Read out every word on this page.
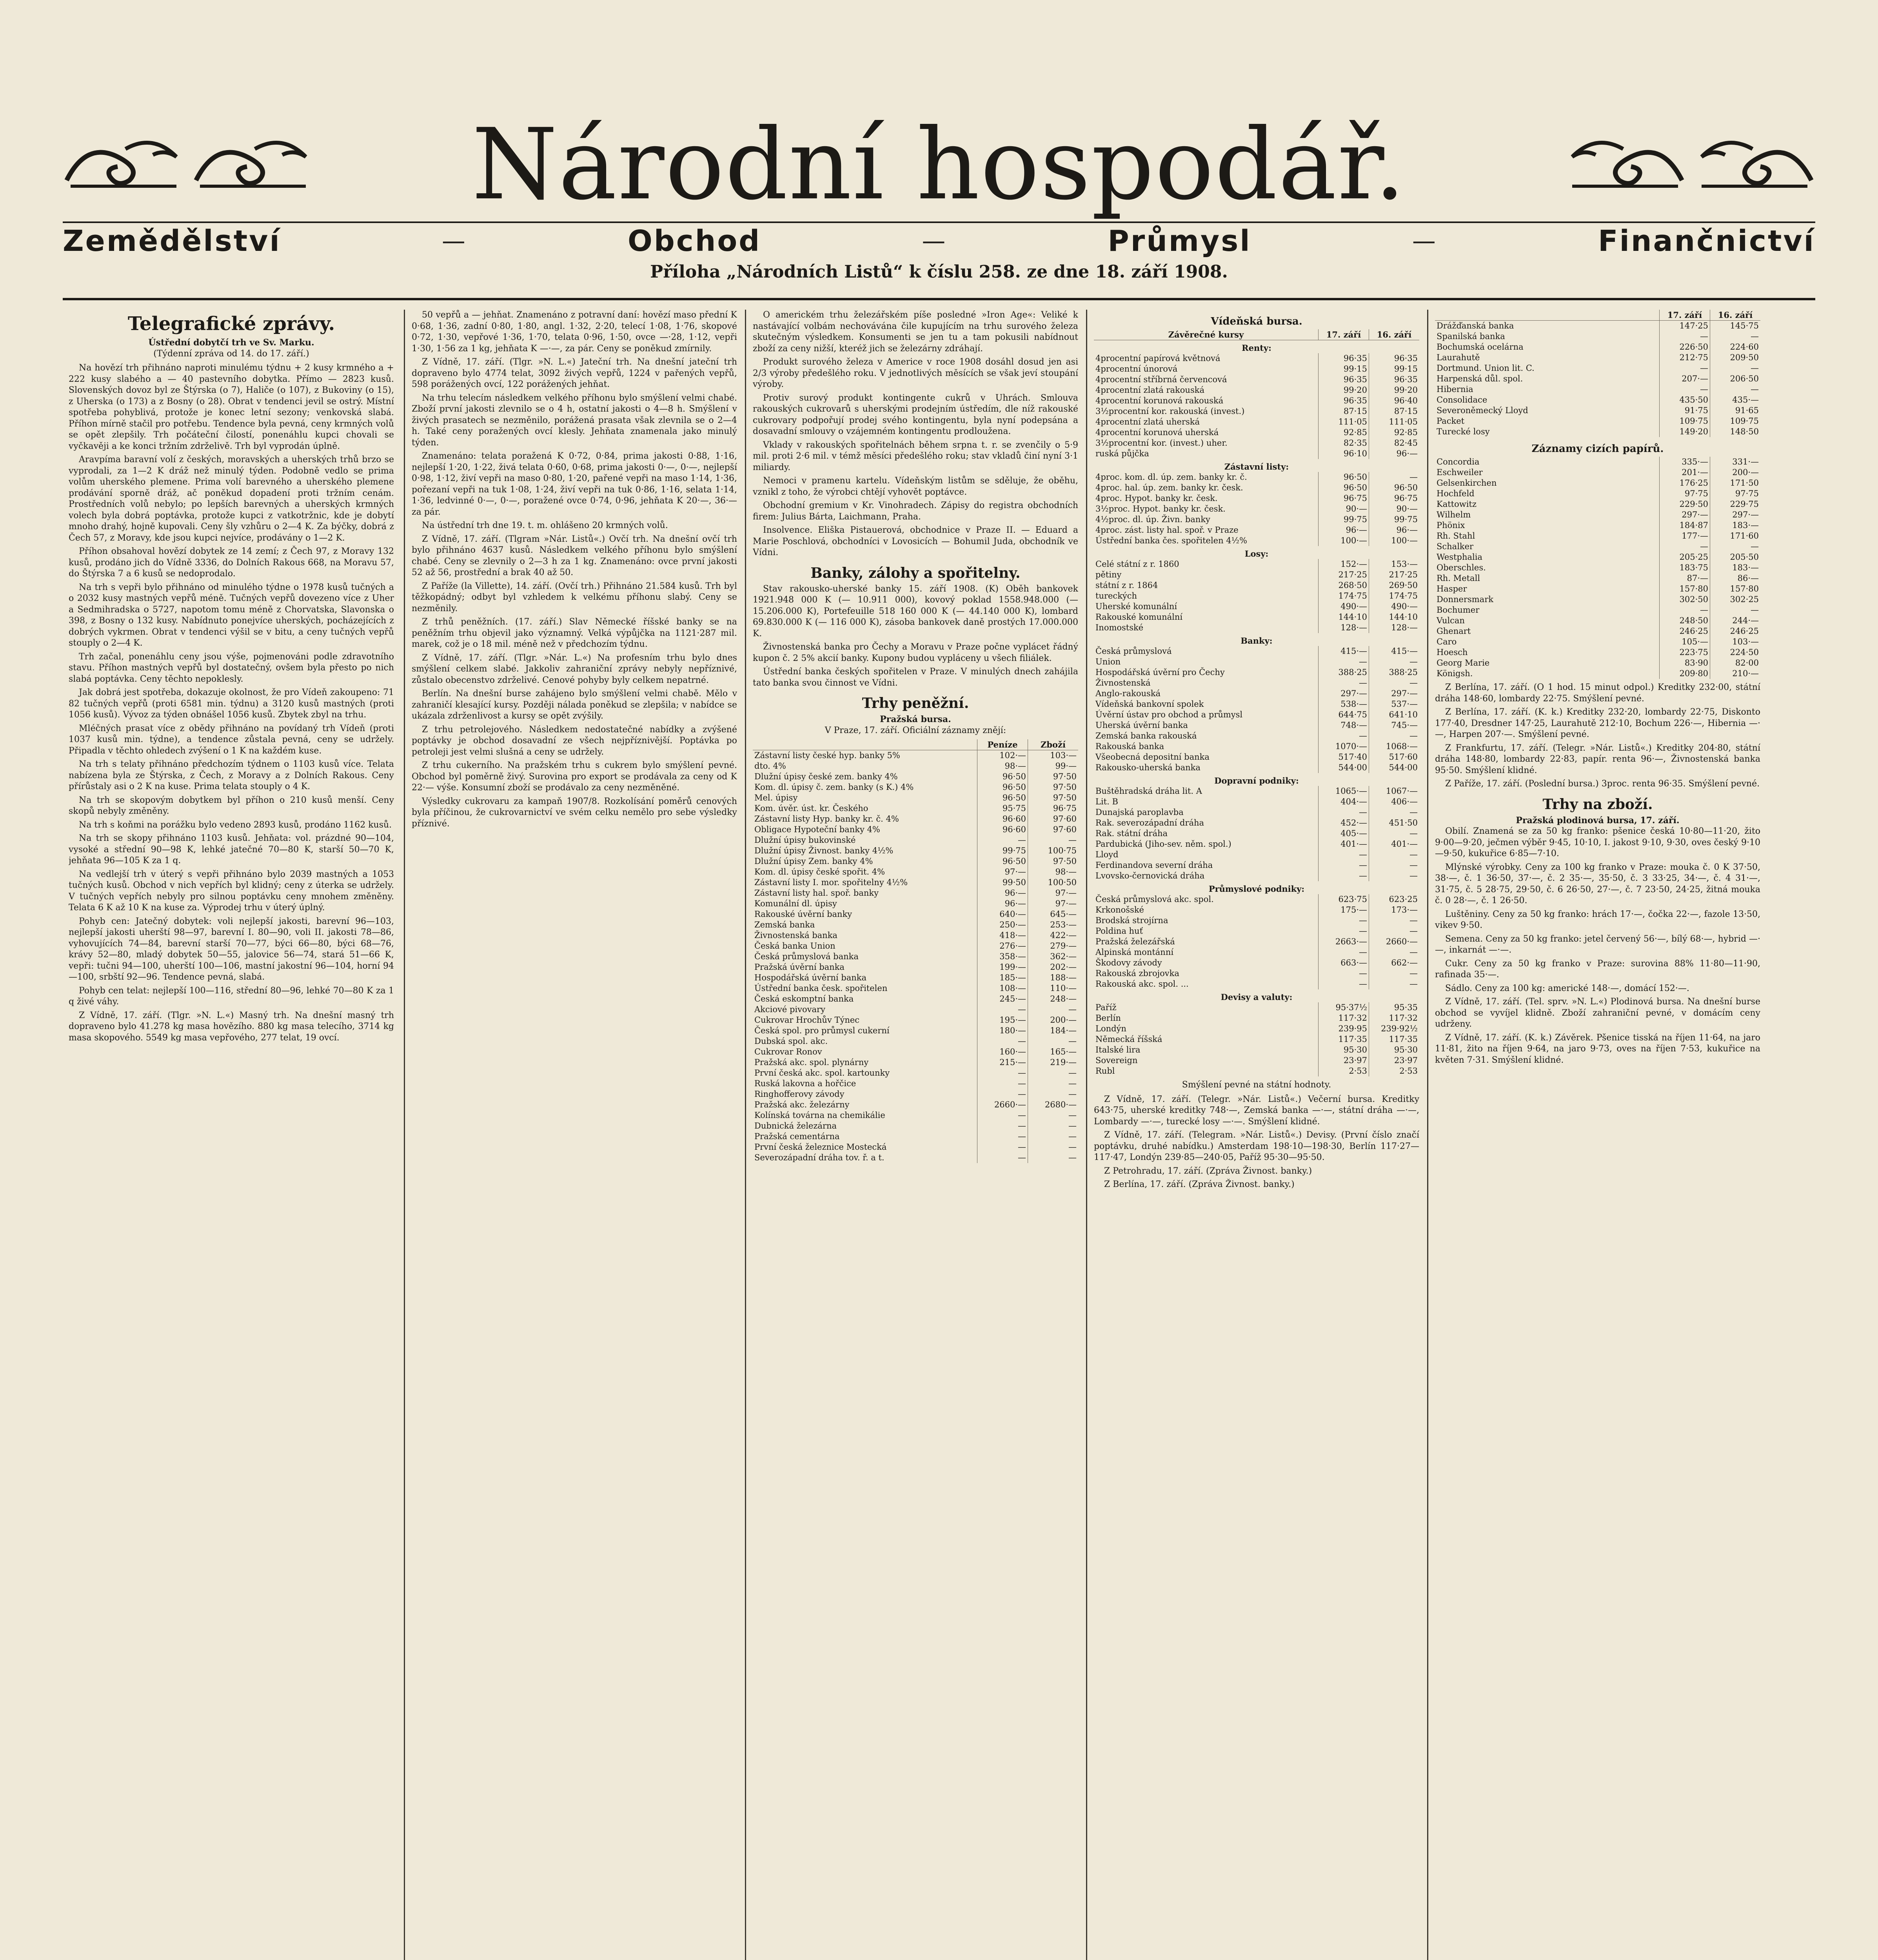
Národní hospodář.
Zemědělství	—	Obchod	—	Průmysl	—	Finančnictví
Příloha „Národních Listů“ k číslu 258. ze dne 18. září 1908.
Telegrafické zprávy.

Ústřední dobytčí trh ve Sv. Marku.

(Týdenní zpráva od 14. do 17. září.)

Na hovězí trh přihnáno naproti minulému týdnu + 2 kusy krmného a + 222 kusy slabého a — 40 pastevního dobytka. Přímo — 2823 kusů. Slovenských dovoz byl ze Štýrska (o 7), Haliče (o 107), z Bukoviny (o 15), z Uherska (o 173) a z Bosny (o 28). Obrat v tendenci jevil se ostrý. Místní spotřeba pohyblivá, protože je konec letní sezony; venkovská slabá. Příhon mírně stačil pro potřebu. Tendence byla pevná, ceny krmných volů se opět zlepšily. Trh počáteční čilostí, ponenáhlu kupci chovali se vyčkavěji a ke konci tržním zdrželivě. Trh byl vyprodán úplně.

Aravpíma baravní volí z českých, moravských a uherských trhů brzo se vyprodali, za 1—2 K dráž než minulý týden. Podobně vedlo se prima volům uherského plemene. Prima volí barevného a uherského plemene prodávání sporně dráž, ač poněkud dopadení proti tržním cenám. Prostředních volů nebylo; po lepších barevných a uherských krmných volech byla dobrá poptávka, protože kupci z vatkotržnic, kde je dobytí mnoho drahý, hojně kupovali. Ceny šly vzhůru o 2—4 K. Za býčky, dobrá z Čech 57, z Moravy, kde jsou kupci nejvíce, prodávány o 1—2 K.

Příhon obsahoval hovězí dobytek ze 14 zemí; z Čech 97, z Moravy 132 kusů, prodáno jich do Vídně 3336, do Dolních Rakous 668, na Moravu 57, do Štýrska 7 a 6 kusů se nedoprodalo.

Na trh s vepři bylo přihnáno od minulého týdne o 1978 kusů tučných a o 2032 kusy mastných vepřů méně. Tučných vepřů dovezeno více z Uher a Sedmihradska o 5727, napotom tomu méně z Chorvatska, Slavonska o 398, z Bosny o 132 kusy. Nabídnuto ponejvíce uherských, pocházejících z dobrých vykrmen. Obrat v tendenci výšil se v bitu, a ceny tučných vepřů stouply o 2—4 K.

Trh začal, ponenáhlu ceny jsou výše, pojmenováni podle zdravotního stavu. Příhon mastných vepřů byl dostatečný, ovšem byla přesto po nich slabá poptávka. Ceny těchto nepoklesly.

Jak dobrá jest spotřeba, dokazuje okolnost, že pro Vídeň zakoupeno: 71 82 tučných vepřů (proti 6581 min. týdnu) a 3120 kusů mastných (proti 1056 kusů). Vývoz za týden obnášel 1056 kusů. Zbytek zbyl na trhu.

Mléčných prasat více z obědy přihnáno na povídaný trh Vídeň (proti 1037 kusů min. týdne), a tendence zůstala pevná, ceny se udržely. Připadla v těchto ohledech zvýšení o 1 K na každém kuse.

Na trh s telaty přihnáno předchozím týdnem o 1103 kusů více. Telata nabízena byla ze Štýrska, z Čech, z Moravy a z Dolních Rakous. Ceny přírůstaly asi o 2 K na kuse. Prima telata stouply o 4 K.

Na trh se skopovým dobytkem byl příhon o 210 kusů menší. Ceny skopů nebyly změněny.

Na trh s koňmi na porážku bylo vedeno 2893 kusů, prodáno 1162 kusů.

Na trh se skopy přihnáno 1103 kusů. Jehňata: vol. prázdné 90—104, vysoké a střední 90—98 K, lehké jatečné 70—80 K, starší 50—70 K, jehňata 96—105 K za 1 q.

Na vedlejší trh v úterý s vepři přihnáno bylo 2039 mastných a 1053 tučných kusů. Obchod v nich vepřích byl klidný; ceny z úterka se udržely. V tučných vepřích nebyly pro silnou poptávku ceny mnohem změněny. Telata 6 K až 10 K na kuse za. Výprodej trhu v úterý úplný.

Pohyb cen: Jatečný dobytek: voli nejlepší jakosti, barevní 96—103, nejlepší jakosti uherští 98—97, barevní I. 80—90, voli II. jakosti 78—86, vyhovujících 74—84, barevní starší 70—77, býci 66—80, býci 68—76, krávy 52—80, mladý dobytek 50—55, jalovice 56—74, stará 51—66 K, vepři: tučni 94—100, uherští 100—106, mastní jakostní 96—104, horní 94—100, srbští 92—96. Tendence pevná, slabá.

Pohyb cen telat: nejlepší 100—116, střední 80—96, lehké 70—80 K za 1 q živé váhy.

Z Vídně, 17. září. (Tlgr. »N. L.«) Masný trh. Na dnešní masný trh dopraveno bylo 41.278 kg masa hovězího. 880 kg masa telecího, 3714 kg masa skopového. 5549 kg masa vepřového, 277 telat, 19 ovcí.

50 vepřů a — jehňat. Znamenáno z potravní daní: hovězí maso přední K 0·68, 1·36, zadní 0·80, 1·80, angl. 1·32, 2·20, telecí 1·08, 1·76, skopové 0·72, 1·30, vepřové 1·36, 1·70, telata 0·96, 1·50, ovce —·28, 1·12, vepři 1·30, 1·56 za 1 kg, jehňata K —·—, za pár. Ceny se poněkud zmírnily.

Z Vídně, 17. září. (Tlgr. »N. L.«) Jateční trh. Na dnešní jateční trh dopraveno bylo 4774 telat, 3092 živých vepřů, 1224 v pařených vepřů, 598 porážených ovcí, 122 porážených jehňat.

Na trhu telecím následkem velkého příhonu bylo smýšlení velmi chabé. Zboží první jakosti zlevnilo se o 4 h, ostatní jakosti o 4—8 h. Smýšlení v živých prasatech se nezměnilo, porážená prasata však zlevnila se o 2—4 h. Také ceny poražených ovcí klesly. Jehňata znamenala jako minulý týden.

Znamenáno: telata poražená K 0·72, 0·84, prima jakosti 0·88, 1·16, nejlepší 1·20, 1·22, živá telata 0·60, 0·68, prima jakosti 0·—, 0·—, nejlepší 0·98, 1·12, živí vepři na maso 0·80, 1·20, pařené vepři na maso 1·14, 1·36, pořezaní vepři na tuk 1·08, 1·24, živí vepři na tuk 0·86, 1·16, selata 1·14, 1·36, ledvinné 0·—, 0·—, poražené ovce 0·74, 0·96, jehňata K 20·—, 36·— za pár.

Na ústřední trh dne 19. t. m. ohlášeno 20 krmných volů.

Z Vídně, 17. září. (Tlgram »Nár. Listů«.) Ovčí trh. Na dnešní ovčí trh bylo přihnáno 4637 kusů. Následkem velkého příhonu bylo smýšlení chabé. Ceny se zlevnily o 2—3 h za 1 kg. Znamenáno: ovce první jakosti 52 až 56, prostřední a brak 40 až 50.

Z Paříže (la Villette), 14. září. (Ovčí trh.) Přihnáno 21.584 kusů. Trh byl těžkopádný; odbyt byl vzhledem k velkému příhonu slabý. Ceny se nezměnily.

Z trhů peněžních. (17. září.) Slav Německé říšské banky se na peněžním trhu objevil jako významný. Velká výpůjčka na 1121·287 mil. marek, což je o 18 mil. méně než v předchozím týdnu.

Z Vídně, 17. září. (Tlgr. »Nár. L.«) Na profesním trhu bylo dnes smýšlení celkem slabé. Jakkoliv zahraniční zprávy nebyly nepříznivé, zůstalo obecenstvo zdrželivé. Cenové pohyby byly celkem nepatrné.

Berlín. Na dnešní burse zahájeno bylo smýšlení velmi chabě. Mělo v zahraničí klesající kursy. Později nálada poněkud se zlepšila; v nabídce se ukázala zdrženlivost a kursy se opět zvýšily.

Z trhu petrolejového. Následkem nedostatečné nabídky a zvýšené poptávky je obchod dosavadní ze všech nejpříznivější. Poptávka po petroleji jest velmi slušná a ceny se udržely.

Z trhu cukerního. Na pražském trhu s cukrem bylo smýšlení pevné. Obchod byl poměrně živý. Surovina pro export se prodávala za ceny od K 22·— výše. Konsumní zboží se prodávalo za ceny nezměněné.

Výsledky cukrovaru za kampaň 1907/8. Rozkolísání poměrů cenových byla příčinou, že cukrovarnictví ve svém celku nemělo pro sebe výsledky příznivé.

O americkém trhu železářském píše posledné »Iron Age«: Veliké k nastávající volbám nechovávána čile kupujícím na trhu surového železa skutečným výsledkem. Konsumenti se jen tu a tam pokusili nabídnout zboží za ceny nižší, kteréž jich se železárny zdráhají.

Produkt surového železa v Americe v roce 1908 dosáhl dosud jen asi 2/3 výroby předešlého roku. V jednotlivých měsících se však jeví stoupání výroby.

Protiv surový produkt kontingente cukrů v Uhrách. Smlouva rakouských cukrovarů s uherskými prodejním ústředím, dle níž rakouské cukrovary podpořují prodej svého kontingentu, byla nyní podepsána a dosavadní smlouvy o vzájemném kontingentu prodloužena.

Vklady v rakouských spořitelnách během srpna t. r. se zvenčily o 5·9 mil. proti 2·6 mil. v témž měsíci předešlého roku; stav vkladů činí nyní 3·1 miliardy.

Nemoci v pramenu kartelu. Vídeňským listům se sděluje, že oběhu, vznikl z toho, že výrobci chtějí vyhovět poptávce.

Obchodní gremium v Kr. Vinohradech. Zápisy do registra obchodních firem: Julius Bárta, Laichmann, Praha.

Insolvence. Eliška Pistauerová, obchodnice v Praze II. — Eduard a Marie Poschlová, obchodníci v Lovosicích — Bohumil Juda, obchodník ve Vídni.

Banky, zálohy a spořitelny.

Stav rakousko-uherské banky 15. září 1908. (K) Oběh bankovek 1921.948 000 K (— 10.911 000), kovový poklad 1558.948.000 (— 15.206.000 K), Portefeuille 518 160 000 K (— 44.140 000 K), lombard 69.830.000 K (— 116 000 K), zásoba bankovek daně prostých 17.000.000 K.

Živnostenská banka pro Čechy a Moravu v Praze počne vyplácet řádný kupon č. 2 5% akcií banky. Kupony budou vypláceny u všech filiálek.

Ústřední banka českých spořitelen v Praze. V minulých dnech zahájila tato banka svou činnost ve Vídni.

Trhy peněžní.

Pražská bursa.

V Praze, 17. září. Oficiální záznamy znějí:

	Peníze	Zboží
Zástavní listy české hyp. banky 5%	102·—	103·—
dto. 4%	98·—	99·—
Dlužní úpisy české zem. banky 4%	96·50	97·50
Kom. dl. úpisy č. zem. banky (s K.) 4%	96·50	97·50
Mel. úpisy	96·50	97·50
Kom. úvěr. úst. kr. Českého	95·75	96·75
Zástavní listy Hyp. banky kr. č. 4%	96·60	97·60
Obligace Hypoteční banky 4%	96·60	97·60
Dlužní úpisy bukovinské	—	—
Dlužní úpisy Živnost. banky 4½%	99·75	100·75
Dlužní úpisy Zem. banky 4%	96·50	97·50
Kom. dl. úpisy české spořit. 4%	97·—	98·—
Zástavní listy I. mor. spořitelny 4½%	99·50	100·50
Zástavní listy hal. spoř. banky	96·—	97·—
Komunální dl. úpisy	96·—	97·—
Rakouské úvěrní banky	640·—	645·—
Zemská banka	250·—	253·—
Živnostenská banka	418·—	422·—
Česká banka Union	276·—	279·—
Česká průmyslová banka	358·—	362·—
Pražská úvěrní banka	199·—	202·—
Hospodářská úvěrní banka	185·—	188·—
Ústřední banka česk. spořitelen	108·—	110·—
Česká eskomptní banka	245·—	248·—
Akciové pivovary	—	—
Cukrovar Hrochův Týnec	195·—	200·—
Česká spol. pro průmysl cukerní	180·—	184·—
Dubská spol. akc.	—	—
Cukrovar Ronov	160·—	165·—
Pražská akc. spol. plynárny	215·—	219·—
První česká akc. spol. kartounky	—	—
Ruská lakovna a hořčice	—	—
Ringhofferovy závody	—	—
Pražská akc. železárny	2660·—	2680·—
Kolínská továrna na chemikálie	—	—
Dubnická železárna	—	—
Pražská cementárna	—	—
První česká železnice Mostecká	—	—
Severozápadní dráha tov. ř. a t.	—	—
Vídeňská bursa.
Závěrečné kursy	17. září	16. září
Renty:		
4procentní papírová květnová	96·35	96·35
4procentní únorová	99·15	99·15
4procentní stříbrná červencová	96·35	96·35
4procentní zlatá rakouská	99·20	99·20
4procentní korunová rakouská	96·35	96·40
3½procentní kor. rakouská (invest.)	87·15	87·15
4procentní zlatá uherská	111·05	111·05
4procentní korunová uherská	92·85	92·85
3½procentní kor. (invest.) uher.	82·35	82·45
ruská půjčka	96·10	96·—
Zástavní listy:		
4proc. kom. dl. úp. zem. banky kr. č.	96·50	—
4proc. hal. úp. zem. banky kr. česk.	96·50	96·50
4proc. Hypot. banky kr. česk.	96·75	96·75
3½proc. Hypot. banky kr. česk.	90·—	90·—
4½proc. dl. úp. Živn. banky	99·75	99·75
4proc. zást. listy hal. spoř. v Praze	96·—	96·—
Ústřední banka čes. spořitelen 4½%	100·—	100·—
Losy:		
Celé státní z r. 1860	152·—	153·—
pětiny	217·25	217·25
státní z r. 1864	268·50	269·50
tureckých	174·75	174·75
Uherské komunální	490·—	490·—
Rakouské komunální	144·10	144·10
Inomostské	128·—	128·—
Banky:		
Česká průmyslová	415·—	415·—
Union	—	—
Hospodářská úvěrní pro Čechy	388·25	388·25
Živnostenská	—	—
Anglo-rakouská	297·—	297·—
Vídeňská bankovní spolek	538·—	537·—
Úvěrní ústav pro obchod a průmysl	644·75	641·10
Uherská úvěrní banka	748·—	745·—
Zemská banka rakouská	—	—
Rakouská banka	1070·—	1068·—
Všeobecná depositní banka	517·40	517·60
Rakousko-uherská banka	544·00	544·00
Dopravní podniky:		
Buštěhradská dráha lit. A	1065·—	1067·—
Lit. B	404·—	406·—
Dunajská paroplavba	—	—
Rak. severozápadní dráha	452·—	451·50
Rak. státní dráha	405·—	—
Pardubická (Jiho-sev. něm. spol.)	401·—	401·—
Lloyd	—	—
Ferdinandova severní dráha	—	—
Lvovsko-černovická dráha	—	—
Průmyslové podniky:		
Česká průmyslová akc. spol.	623·75	623·25
Krkonošské	175·—	173·—
Brodská strojírna	—	—
Poldina huť	—	—
Pražská železářská	2663·—	2660·—
Alpinská montánní	—	—
Škodovy závody	663·—	662·—
Rakouská zbrojovka	—	—
Rakouská akc. spol. ...	—	—
Devisy a valuty:		
Paříž	95·37½	95·35
Berlín	117·32	117·32
Londýn	239·95	239·92½
Německá říšská	117·35	117·35
Italské lira	95·30	95·30
Sovereign	23·97	23·97
Rubl	2·53	2·53

Smýšlení pevné na státní hodnoty.

Z Vídně, 17. září. (Telegr. »Nár. Listů«.) Večerní bursa. Kreditky 643·75, uherské kreditky 748·—, Zemská banka —·—, státní dráha —·—, Lombardy —·—, turecké losy —·—. Smýšlení klidné.

Z Vídně, 17. září. (Telegram. »Nár. Listů«.) Devisy. (První číslo značí poptávku, druhé nabídku.) Amsterdam 198·10—198·30, Berlín 117·27—117·47, Londýn 239·85—240·05, Paříž 95·30—95·50.

Z Petrohradu, 17. září. (Zpráva Živnost. banky.)

Z Berlína, 17. září. (Zpráva Živnost. banky.)

	17. září	16. září
Drážďanská banka	147·25	145·75
Spanilská banka	—	—
Bochumská ocelárna	226·50	224·60
Laurahutě	212·75	209·50
Dortmund. Union lit. C.	—	—
Harpenská důl. spol.	207·—	206·50
Hibernia	—	—
Consolidace	435·50	435·—
Severoněmecký Lloyd	91·75	91·65
Packet	109·75	109·75
Turecké losy	149·20	148·50
Záznamy cizích papírů.
Concordia	335·—	331·—
Eschweiler	201·—	200·—
Gelsenkirchen	176·25	171·50
Hochfeld	97·75	97·75
Kattowitz	229·50	229·75
Wilhelm	297·—	297·—
Phönix	184·87	183·—
Rh. Stahl	177·—	171·60
Schalker	—	—
Westphalia	205·25	205·50
Oberschles.	183·75	183·—
Rh. Metall	87·—	86·—
Hasper	157·80	157·80
Donnersmark	302·50	302·25
Bochumer	—	—
Vulcan	248·50	244·—
Ghenart	246·25	246·25
Caro	105·—	103·—
Hoesch	223·75	224·50
Georg Marie	83·90	82·00
Königsh.	209·80	210·—

Z Berlína, 17. září. (O 1 hod. 15 minut odpol.) Kreditky 232·00, státní dráha 148·60, lombardy 22·75. Smýšlení pevné.

Z Berlína, 17. září. (K. k.) Kreditky 232·20, lombardy 22·75, Diskonto 177·40, Dresdner 147·25, Laurahutě 212·10, Bochum 226·—, Hibernia —·—, Harpen 207·—. Smýšlení pevné.

Z Frankfurtu, 17. září. (Telegr. »Nár. Listů«.) Kreditky 204·80, státní dráha 148·80, lombardy 22·83, papír. renta 96·—, Živnostenská banka 95·50. Smýšlení klidné.

Z Paříže, 17. září. (Poslední bursa.) 3proc. renta 96·35. Smýšlení pevné.

Trhy na zboží.

Pražská plodinová bursa, 17. září.

Obilí. Znamená se za 50 kg franko: pšenice česká 10·80—11·20, žito 9·00—9·20, ječmen výběr 9·45, 10·10, I. jakost 9·10, 9·30, oves český 9·10—9·50, kukuřice 6·85—7·10.

Mlýnské výrobky. Ceny za 100 kg franko v Praze: mouka č. 0 K 37·50, 38·—, č. 1 36·50, 37·—, č. 2 35·—, 35·50, č. 3 33·25, 34·—, č. 4 31·—, 31·75, č. 5 28·75, 29·50, č. 6 26·50, 27·—, č. 7 23·50, 24·25, žitná mouka č. 0 28·—, č. 1 26·50.

Luštěniny. Ceny za 50 kg franko: hrách 17·—, čočka 22·—, fazole 13·50, vikev 9·50.

Semena. Ceny za 50 kg franko: jetel červený 56·—, bílý 68·—, hybrid —·—, inkarnát —·—.

Cukr. Ceny za 50 kg franko v Praze: surovina 88% 11·80—11·90, rafinada 35·—.

Sádlo. Ceny za 100 kg: americké 148·—, domácí 152·—.

Z Vídně, 17. září. (Tel. sprv. »N. L.«) Plodinová bursa. Na dnešní burse obchod se vyvíjel klidně. Zboží zahraniční pevné, v domácím ceny udrženy.

Z Vídně, 17. září. (K. k.) Závěrek. Pšenice tisská na říjen 11·64, na jaro 11·81, žito na říjen 9·64, na jaro 9·73, oves na říjen 7·53, kukuřice na květen 7·31. Smýšlení klidné.
